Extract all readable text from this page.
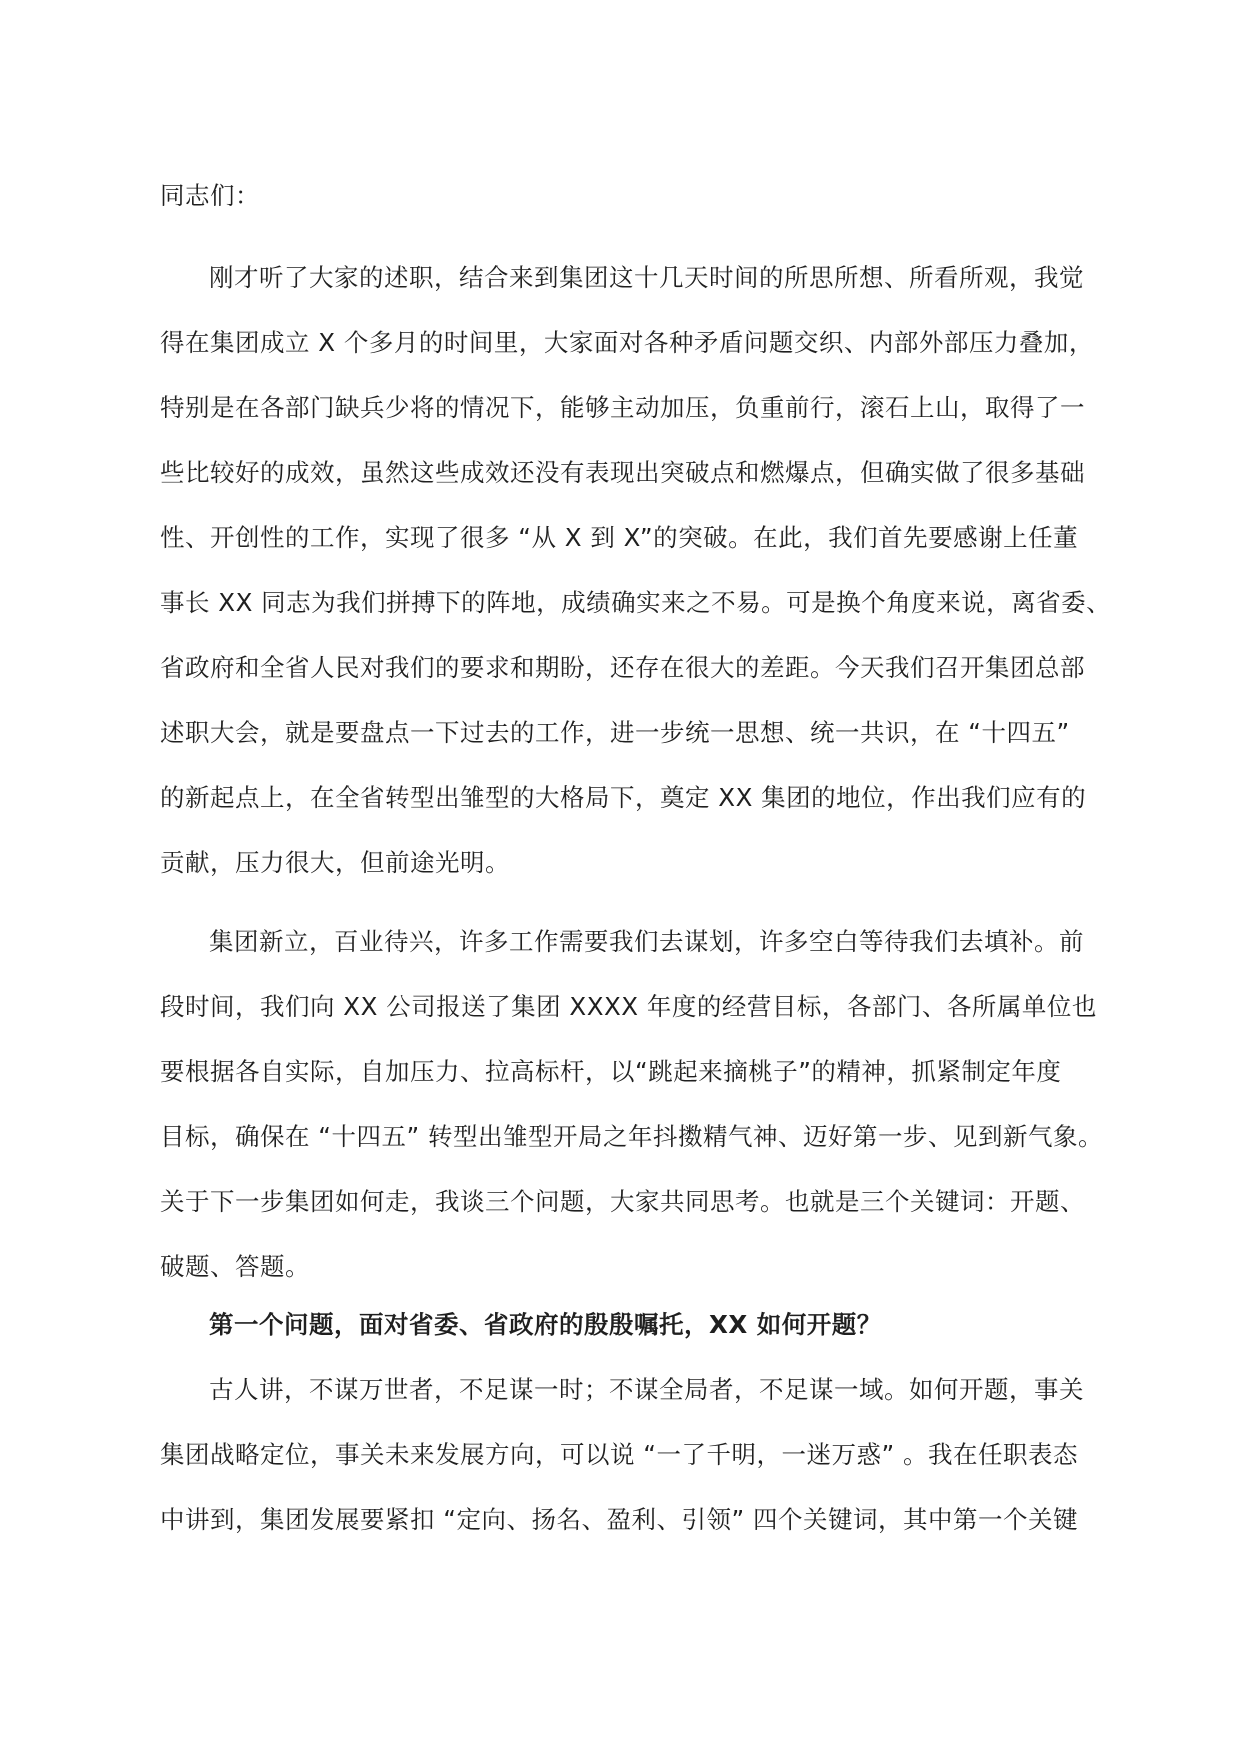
同志们：
刚才听了大家的述职，结合来到集团这十几天时间的所思所想、所看所观，我觉
得在集团成立 X 个多月的时间里，大家面对各种矛盾问题交织、内部外部压力叠加，
特别是在各部门缺兵少将的情况下，能够主动加压，负重前行，滚石上山，取得了一
些比较好的成效，虽然这些成效还没有表现出突破点和燃爆点，但确实做了很多基础
性、开创性的工作，实现了很多 “从 X 到 X”的突破。在此，我们首先要感谢上任董
事长 XX 同志为我们拼搏下的阵地，成绩确实来之不易。可是换个角度来说，离省委、
省政府和全省人民对我们的要求和期盼，还存在很大的差距。今天我们召开集团总部
述职大会，就是要盘点一下过去的工作，进一步统一思想、统一共识，在 “十四五”
的新起点上，在全省转型出雏型的大格局下，奠定 XX 集团的地位，作出我们应有的
贡献，压力很大，但前途光明。
集团新立，百业待兴，许多工作需要我们去谋划，许多空白等待我们去填补。前
段时间，我们向 XX 公司报送了集团 XXXX 年度的经营目标，各部门、各所属单位也
要根据各自实际，自加压力、拉高标杆，以“跳起来摘桃子”的精神，抓紧制定年度
目标，确保在 “十四五” 转型出雏型开局之年抖擞精气神、迈好第一步、见到新气象。
关于下一步集团如何走，我谈三个问题，大家共同思考。也就是三个关键词：开题、
破题、答题。
第一个问题，面对省委、省政府的殷殷嘱托，XX 如何开题？
古人讲，不谋万世者，不足谋一时；不谋全局者，不足谋一域。如何开题，事关
集团战略定位，事关未来发展方向，可以说 “一了千明，一迷万惑” 。我在任职表态
中讲到，集团发展要紧扣 “定向、扬名、盈利、引领” 四个关键词，其中第一个关键
